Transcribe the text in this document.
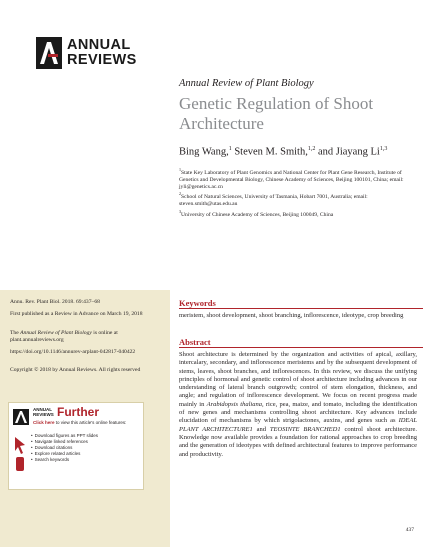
ANNUAL
REVIEWS
Annual Review of Plant Biology
Genetic Regulation of Shoot Architecture
Bing Wang,$^1$ Steven M. Smith,$^{1,2}$ and Jiayang Li$^{1,3}$
$^1$State Key Laboratory of Plant Genomics and National Center for Plant Gene Research, Institute of Genetics and Developmental Biology, Chinese Academy of Sciences, Beijing 100101, China; email: jyli@genetics.ac.cn
$^2$School of Natural Sciences, University of Tasmania, Hobart 7001, Australia; email: steven.smith@utas.edu.au
$^3$University of Chinese Academy of Sciences, Beijing 100049, China
Annu. Rev. Plant Biol. 2018. 69:437–68
First published as a Review in Advance on March 19, 2018
The Annual Review of Plant Biology is online at plant.annualreviews.org
https://doi.org/10.1146/annurev-arplant-042817-040422
Copyright © 2018 by Annual Reviews. All rights reserved
ANNUAL
REVIEWS Further
Click here to view this article's online features:
• Download figures as PPT slides
• Navigate linked references
• Download citations
• Explore related articles
• Search keywords
Keywords
meristem, shoot development, shoot branching, inflorescence, ideotype, crop breeding
Abstract
Shoot architecture is determined by the organization and activities of apical, axillary, intercalary, secondary, and inflorescence meristems and by the subsequent development of stems, leaves, shoot branches, and inflorescences. In this review, we discuss the unifying principles of hormonal and genetic control of shoot architecture including advances in our understanding of lateral branch outgrowth; control of stem elongation, thickness, and angle; and regulation of inflorescence development. We focus on recent progress made mainly in Arabidopsis thaliana, rice, pea, maize, and tomato, including the identification of new genes and mechanisms controlling shoot architecture. Key advances include elucidation of mechanisms by which strigolactones, auxins, and genes such as IDEAL PLANT ARCHITECTURE1 and TEOSINTE BRANCHED1 control shoot architecture. Knowledge now available provides a foundation for rational approaches to crop breeding and the generation of ideotypes with defined architectural features to improve performance and productivity.
437
